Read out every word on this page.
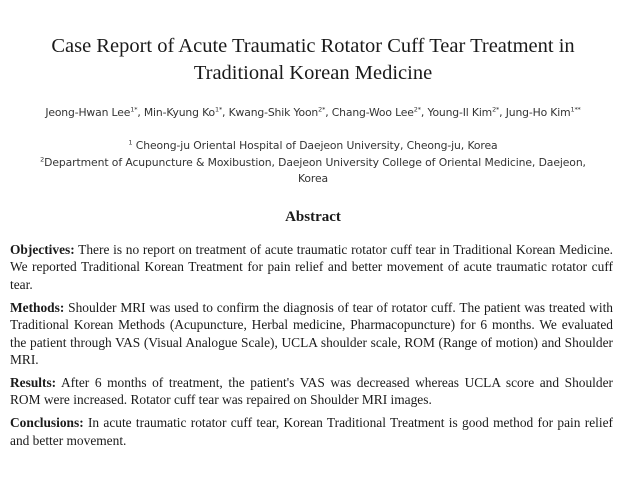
Case Report of Acute Traumatic Rotator Cuff Tear Treatment in
Traditional Korean Medicine
Jeong-Hwan Lee$^{1*}$, Min-Kyung $Ko^{1*}$, Kwang-Shik Yoon$^{2*}$, Chang-Woo Lee$^{2*}$, Young-Il Kim$^{2*}$, Jung-Ho Kim$^{1**}$
$^1$ Cheong-ju Oriental Hospital of Daejeon University, Cheong-ju, Korea
$^2$Department of Acupuncture & Moxibustion, Daejeon University College of Oriental Medicine, Daejeon,
Korea
Abstract

Objectives: There is no report on treatment of acute traumatic rotator cuff tear in Traditional Korean Medicine. We reported Traditional Korean Treatment for pain relief and better movement of acute traumatic rotator cuff tear.

Methods: Shoulder MRI was used to confirm the diagnosis of tear of rotator cuff. The patient was treated with Traditional Korean Methods (Acupuncture, Herbal medicine, Pharmacopuncture) for 6 months. We evaluated the patient through VAS (Visual Analogue Scale), UCLA shoulder scale, ROM (Range of motion) and Shoulder MRI.

Results: After 6 months of treatment, the patient's VAS was decreased whereas UCLA score and Shoulder ROM were increased. Rotator cuff tear was repaired on Shoulder MRI images.

Conclusions: In acute traumatic rotator cuff tear, Korean Traditional Treatment is good method for pain relief and better movement.
